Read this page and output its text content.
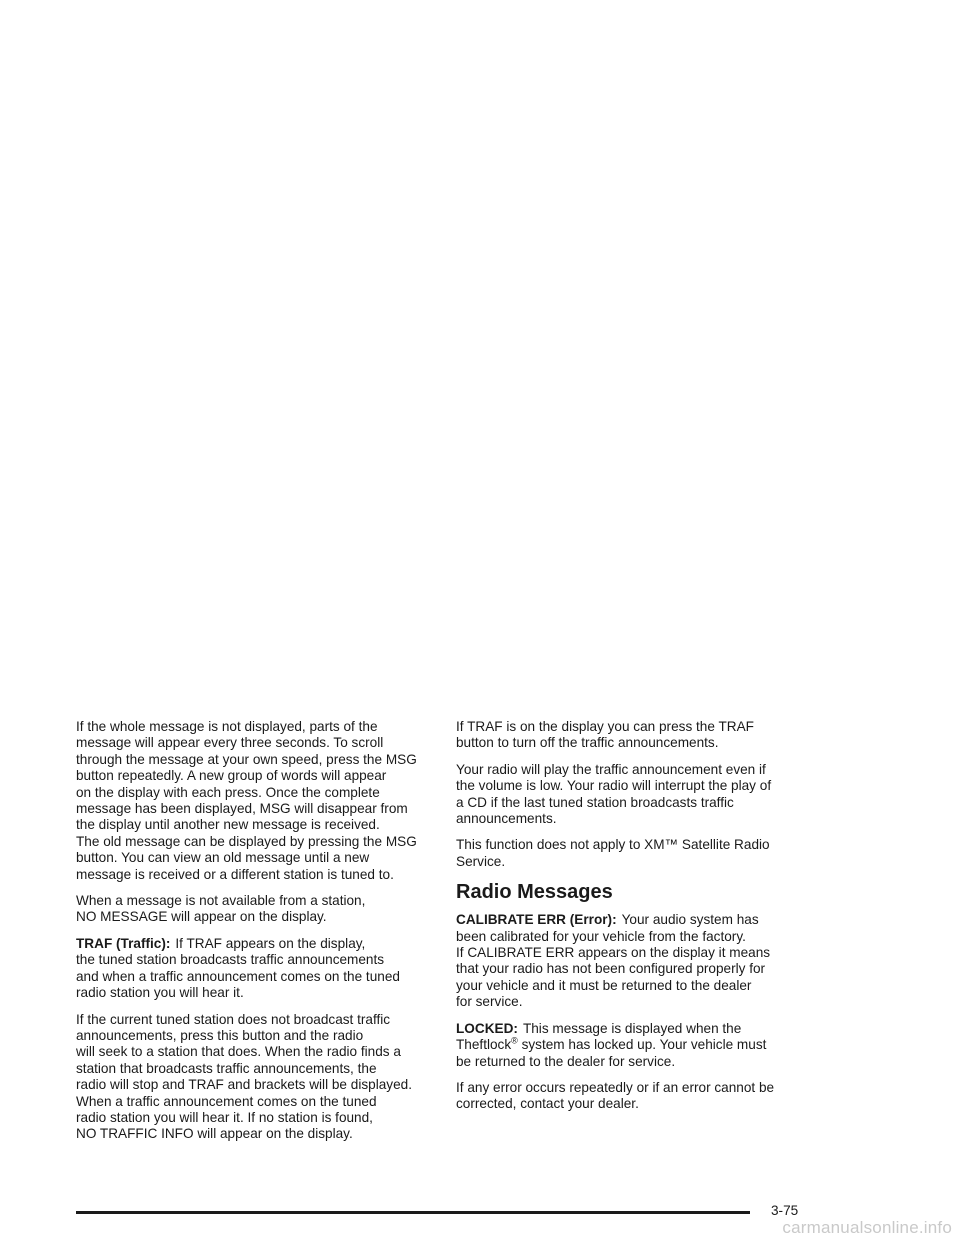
If the whole message is not displayed, parts of the
message will appear every three seconds. To scroll
through the message at your own speed, press the MSG
button repeatedly. A new group of words will appear
on the display with each press. Once the complete
message has been displayed, MSG will disappear from
the display until another new message is received.
The old message can be displayed by pressing the MSG
button. You can view an old message until a new
message is received or a different station is tuned to.

When a message is not available from a station,
NO MESSAGE will appear on the display.

TRAF (Traffic): If TRAF appears on the display,
the tuned station broadcasts traffic announcements
and when a traffic announcement comes on the tuned
radio station you will hear it.

If the current tuned station does not broadcast traffic
announcements, press this button and the radio
will seek to a station that does. When the radio finds a
station that broadcasts traffic announcements, the
radio will stop and TRAF and brackets will be displayed.
When a traffic announcement comes on the tuned
radio station you will hear it. If no station is found,
NO TRAFFIC INFO will appear on the display.

If TRAF is on the display you can press the TRAF
button to turn off the traffic announcements.

Your radio will play the traffic announcement even if
the volume is low. Your radio will interrupt the play of
a CD if the last tuned station broadcasts traffic
announcements.

This function does not apply to XM™ Satellite Radio
Service.

Radio Messages

CALIBRATE ERR (Error): Your audio system has
been calibrated for your vehicle from the factory.
If CALIBRATE ERR appears on the display it means
that your radio has not been configured properly for
your vehicle and it must be returned to the dealer
for service.

LOCKED: This message is displayed when the
Theftlock® system has locked up. Your vehicle must
be returned to the dealer for service.

If any error occurs repeatedly or if an error cannot be
corrected, contact your dealer.

3-75
carmanualsonline.info
